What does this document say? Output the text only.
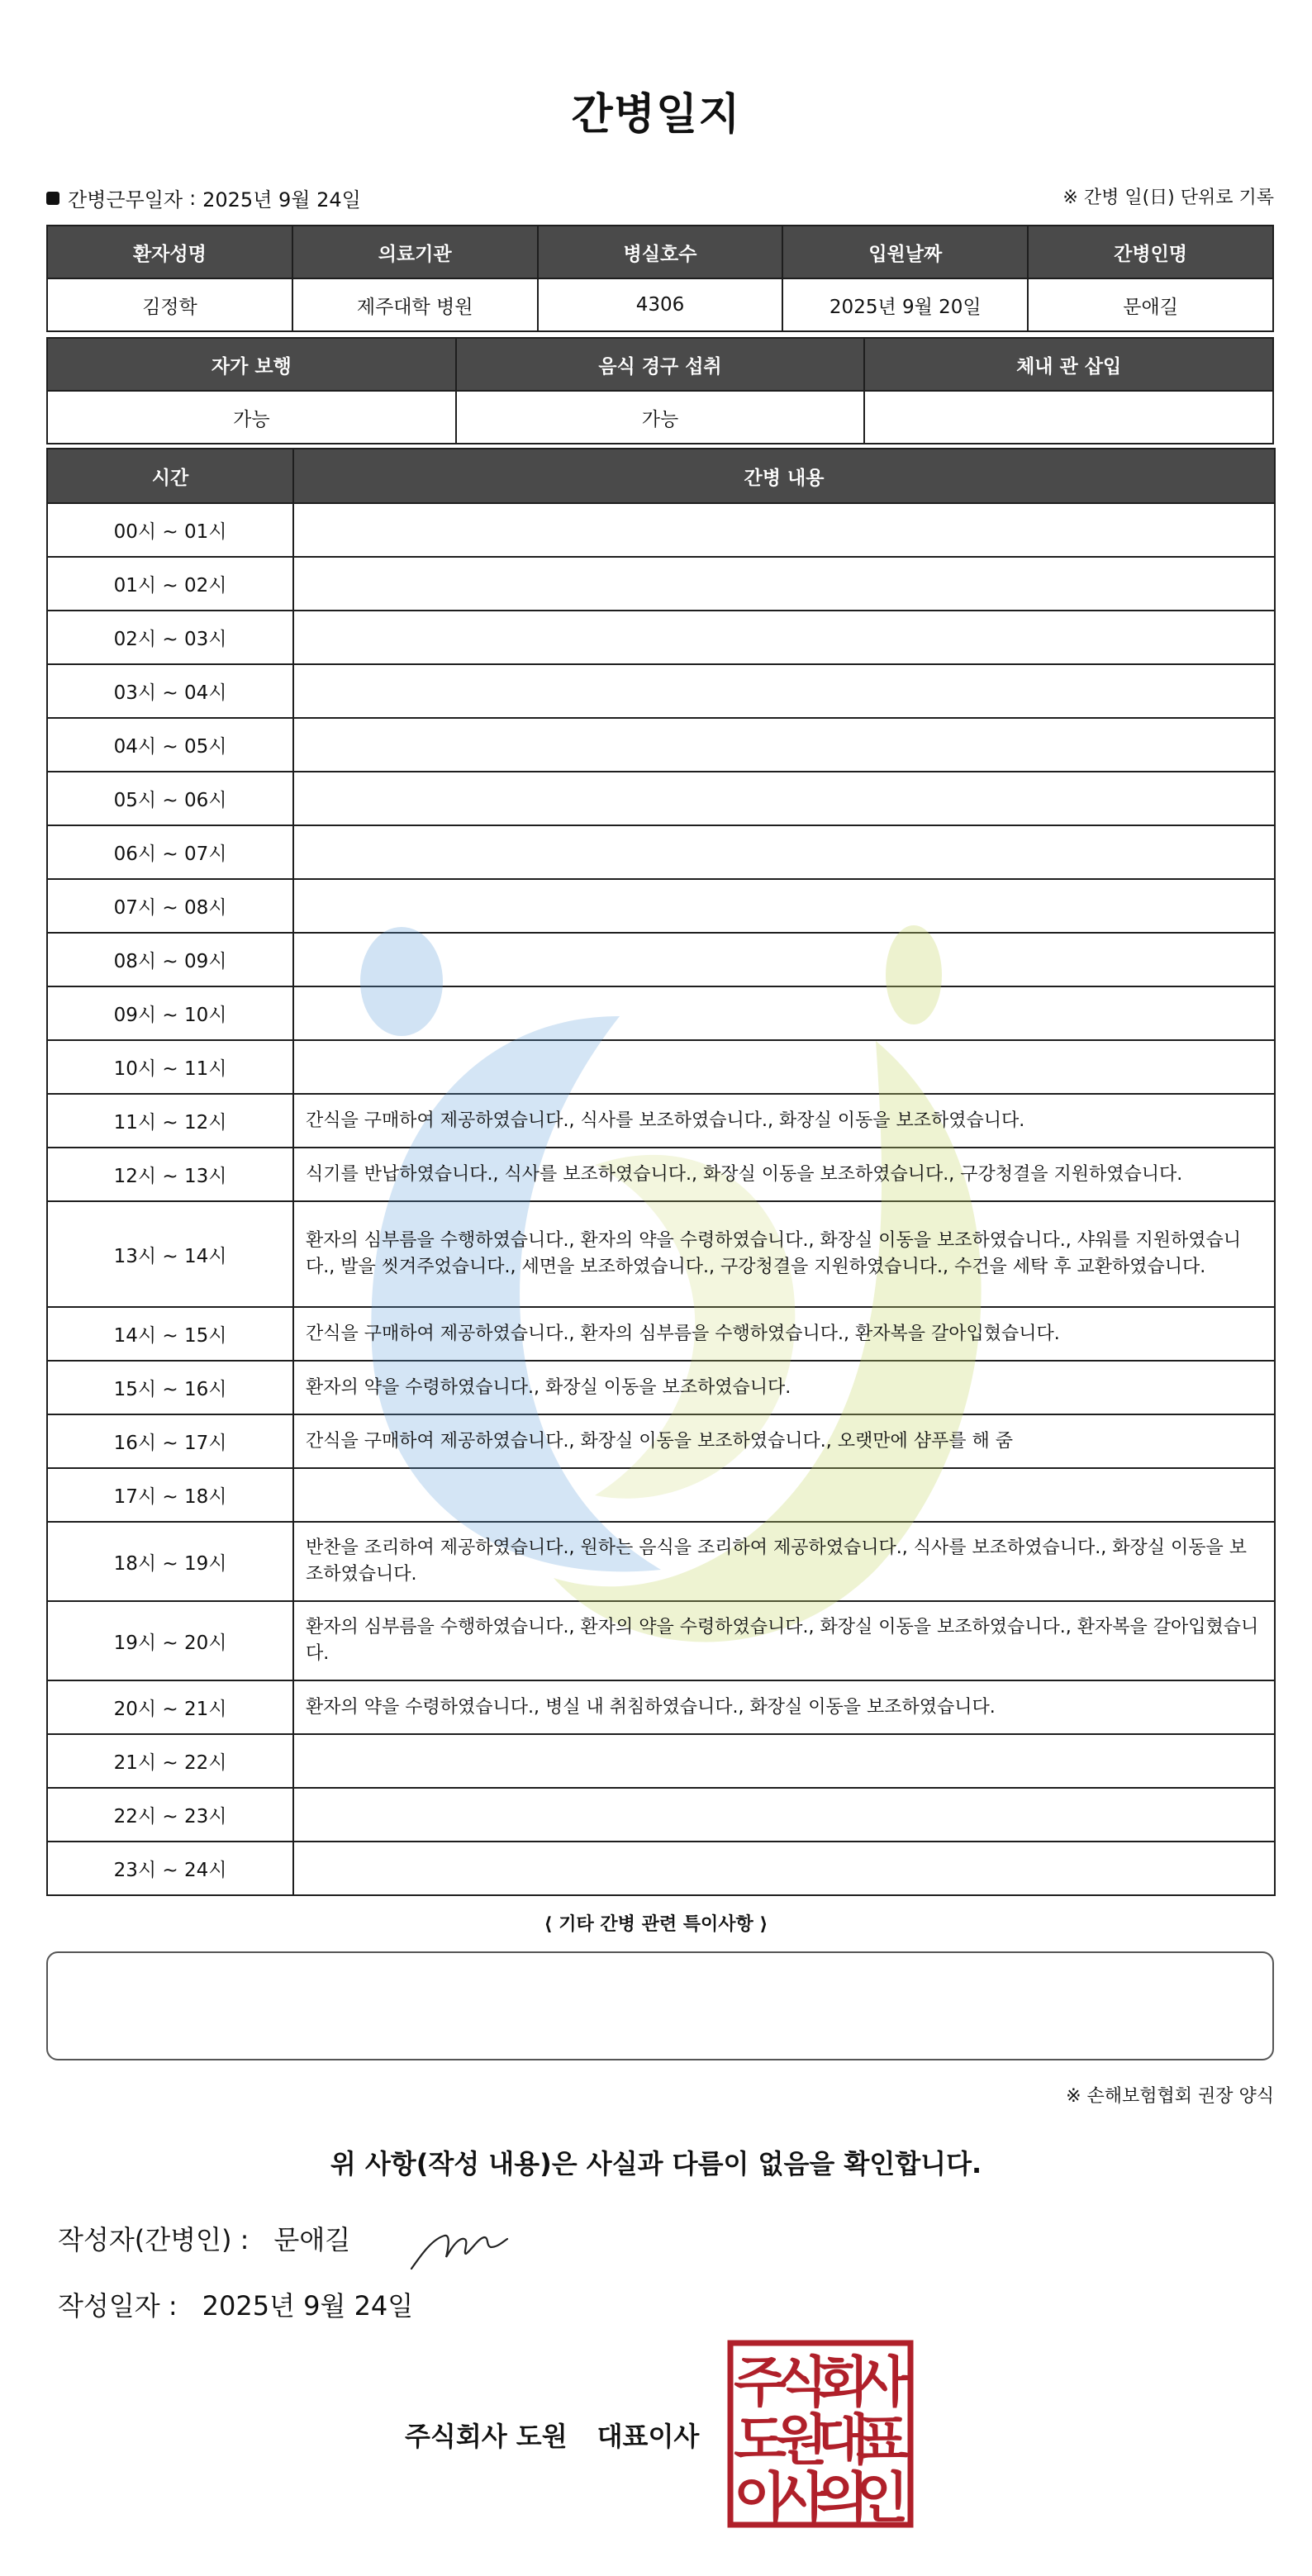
간병일지
간병근무일자 : 2025년 9월 24일	※ 간병 일(日) 단위로 기록
환자성명	의료기관	병실호수	입원날짜	간병인명
김정학	제주대학 병원	4306	2025년 9월 20일	문애길
자가 보행	음식 경구 섭취	체내 관 삽입
가능	가능	
시간	간병 내용
00시 ~ 01시	
01시 ~ 02시	
02시 ~ 03시	
03시 ~ 04시	
04시 ~ 05시	
05시 ~ 06시	
06시 ~ 07시	
07시 ~ 08시	
08시 ~ 09시	
09시 ~ 10시	
10시 ~ 11시	
11시 ~ 12시	간식을 구매하여 제공하였습니다., 식사를 보조하였습니다., 화장실 이동을 보조하였습니다.
12시 ~ 13시	식기를 반납하였습니다., 식사를 보조하였습니다., 화장실 이동을 보조하였습니다., 구강청결을 지원하였습니다.
13시 ~ 14시	환자의 심부름을 수행하였습니다., 환자의 약을 수령하였습니다., 화장실 이동을 보조하였습니다., 샤워를 지원하였습니다., 발을 씻겨주었습니다., 세면을 보조하였습니다., 구강청결을 지원하였습니다., 수건을 세탁 후 교환하였습니다.
14시 ~ 15시	간식을 구매하여 제공하였습니다., 환자의 심부름을 수행하였습니다., 환자복을 갈아입혔습니다.
15시 ~ 16시	환자의 약을 수령하였습니다., 화장실 이동을 보조하였습니다.
16시 ~ 17시	간식을 구매하여 제공하였습니다., 화장실 이동을 보조하였습니다., 오랫만에 샴푸를 해 줌
17시 ~ 18시	
18시 ~ 19시	반찬을 조리하여 제공하였습니다., 원하는 음식을 조리하여 제공하였습니다., 식사를 보조하였습니다., 화장실 이동을 보조하였습니다.
19시 ~ 20시	환자의 심부름을 수행하였습니다., 환자의 약을 수령하였습니다., 화장실 이동을 보조하였습니다., 환자복을 갈아입혔습니다.
20시 ~ 21시	환자의 약을 수령하였습니다., 병실 내 취침하였습니다., 화장실 이동을 보조하였습니다.
21시 ~ 22시	
22시 ~ 23시	
23시 ~ 24시	
⟨ 기타 간병 관련 특이사항 ⟩
※ 손해보험협회 권장 양식
위 사항(작성 내용)은 사실과 다름이 없음을 확인합니다.
작성자(간병인) : 문애길
작성일자 : 2025년 9월 24일
주식회사 도원 대표이사
주
식
회
사
도
원
대
표
이
사
의
인
